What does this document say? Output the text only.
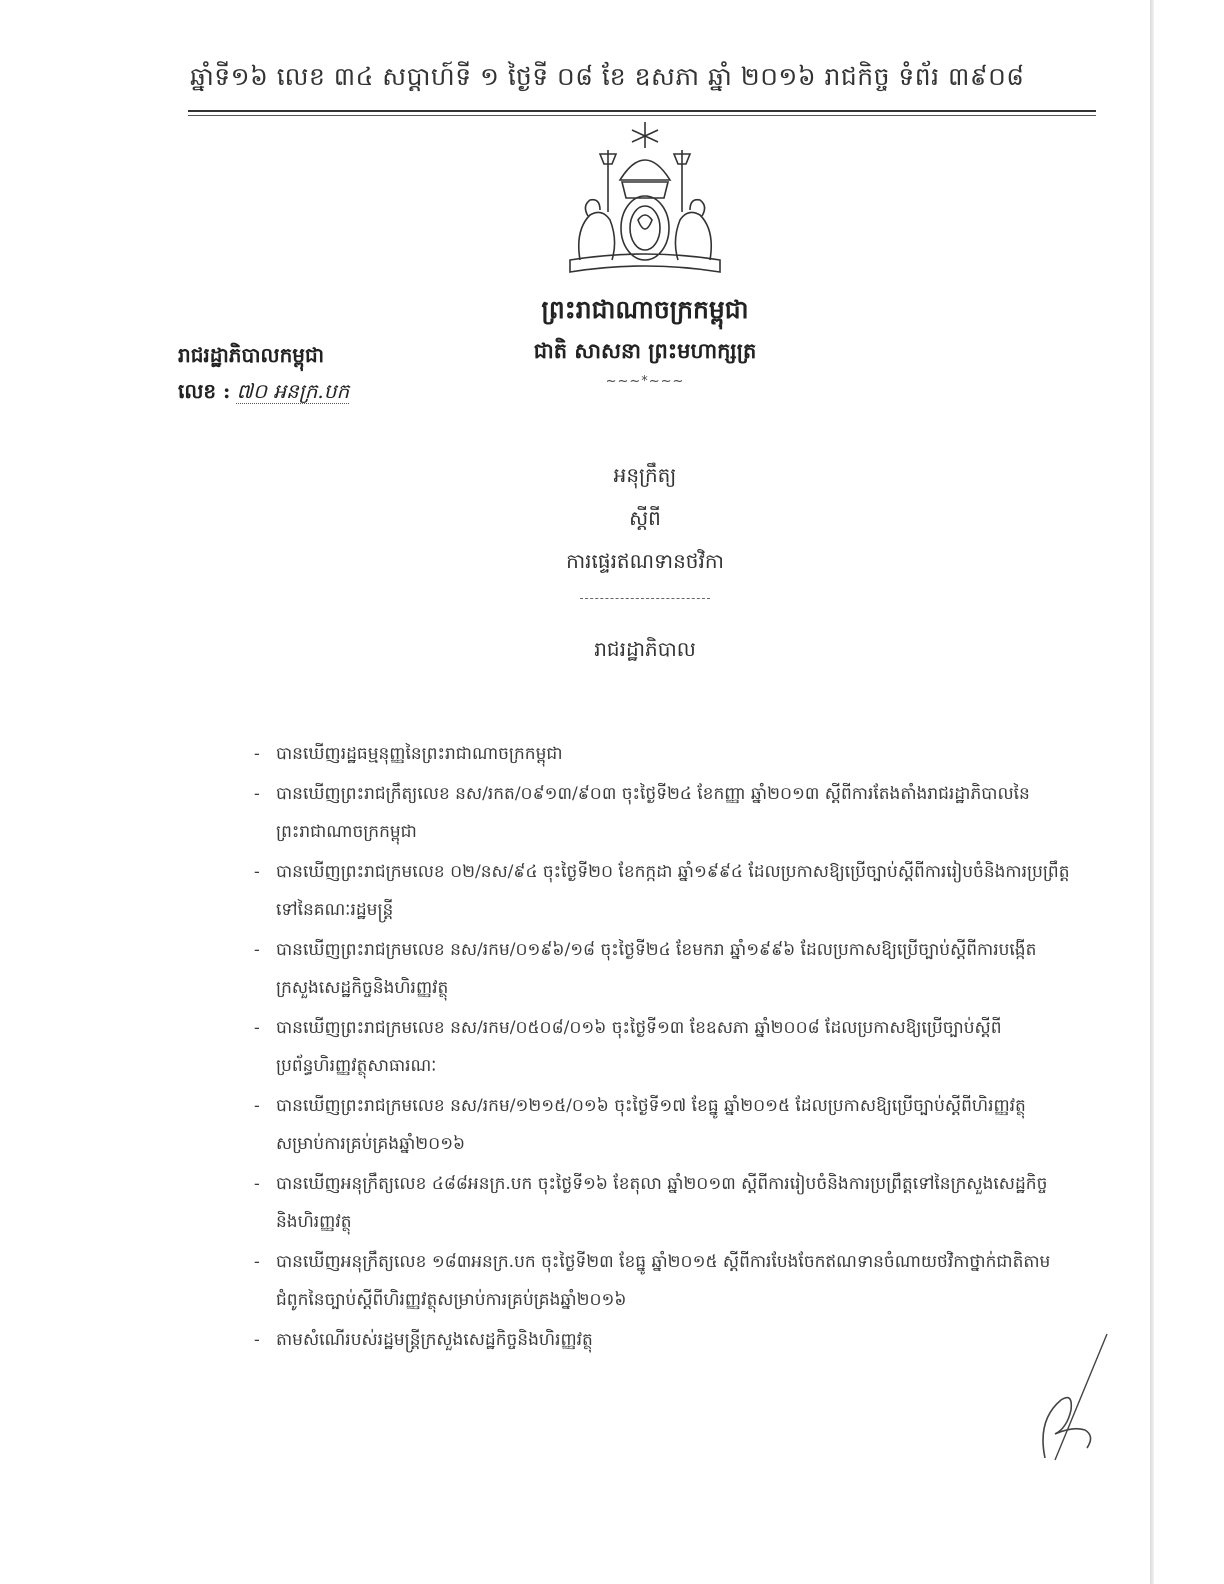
ឆ្នាំទី១៦ លេខ ៣៤ សប្តាហ៍ទី ១ ថ្ងៃទី ០៨ ខែ ឧសភា ឆ្នាំ ២០១៦ រាជកិច្ច ទំព័រ ៣៩០៨
ព្រះរាជាណាចក្រកម្ពុជា
ជាតិ សាសនា ព្រះមហាក្សត្រ
~~~*~~~
រាជរដ្ឋាភិបាលកម្ពុជា
លេខ : ៧០ អនក្រ.បក
អនុក្រឹត្យ
ស្តីពី
ការផ្ទេរឥណទានថវិកា
រាជរដ្ឋាភិបាល
- បានឃើញរដ្ឋធម្មនុញ្ញនៃព្រះរាជាណាចក្រកម្ពុជា
- បានឃើញព្រះរាជក្រឹត្យលេខ នស/រកត/០៩១៣/៩០៣ ចុះថ្ងៃទី២៤ ខែកញ្ញា ឆ្នាំ២០១៣ ស្តីពីការតែងតាំងរាជរដ្ឋាភិបាលនៃព្រះរាជាណាចក្រកម្ពុជា
- បានឃើញព្រះរាជក្រមលេខ ០២/នស/៩៤ ចុះថ្ងៃទី២០ ខែកក្កដា ឆ្នាំ១៩៩៤ ដែលប្រកាសឱ្យប្រើច្បាប់ស្តីពីការរៀបចំនិងការប្រព្រឹត្តទៅនៃគណៈរដ្ឋមន្ត្រី
- បានឃើញព្រះរាជក្រមលេខ នស/រកម/០១៩៦/១៨ ចុះថ្ងៃទី២៤ ខែមករា ឆ្នាំ១៩៩៦ ដែលប្រកាសឱ្យប្រើច្បាប់ស្តីពីការបង្កើតក្រសួងសេដ្ឋកិច្ចនិងហិរញ្ញវត្ថុ
- បានឃើញព្រះរាជក្រមលេខ នស/រកម/០៥០៨/០១៦ ចុះថ្ងៃទី១៣ ខែឧសភា ឆ្នាំ២០០៨ ដែលប្រកាសឱ្យប្រើច្បាប់ស្តីពីប្រព័ន្ធហិរញ្ញវត្ថុសាធារណៈ
- បានឃើញព្រះរាជក្រមលេខ នស/រកម/១២១៥/០១៦ ចុះថ្ងៃទី១៧ ខែធ្នូ ឆ្នាំ២០១៥ ដែលប្រកាសឱ្យប្រើច្បាប់ស្តីពីហិរញ្ញវត្ថុសម្រាប់ការគ្រប់គ្រងឆ្នាំ២០១៦
- បានឃើញអនុក្រឹត្យលេខ ៤៨៨អនក្រ.បក ចុះថ្ងៃទី១៦ ខែតុលា ឆ្នាំ២០១៣ ស្តីពីការរៀបចំនិងការប្រព្រឹត្តទៅនៃក្រសួងសេដ្ឋកិច្ចនិងហិរញ្ញវត្ថុ
- បានឃើញអនុក្រឹត្យលេខ ១៨៣អនក្រ.បក ចុះថ្ងៃទី២៣ ខែធ្នូ ឆ្នាំ២០១៥ ស្តីពីការបែងចែកឥណទានចំណាយថវិកាថ្នាក់ជាតិតាមជំពូកនៃច្បាប់ស្តីពីហិរញ្ញវត្ថុសម្រាប់ការគ្រប់គ្រងឆ្នាំ២០១៦
- តាមសំណើរបស់រដ្ឋមន្ត្រីក្រសួងសេដ្ឋកិច្ចនិងហិរញ្ញវត្ថុ
